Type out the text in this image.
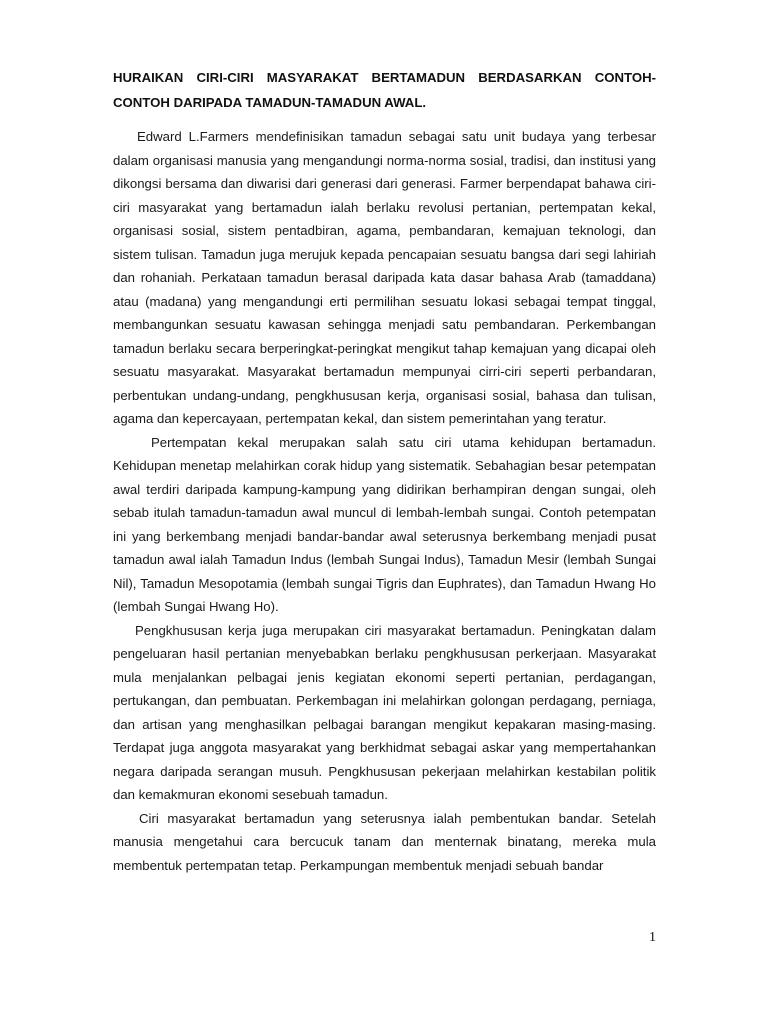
HURAIKAN CIRI-CIRI MASYARAKAT BERTAMADUN BERDASARKAN CONTOH-CONTOH DARIPADA TAMADUN-TAMADUN AWAL.

Edward L.Farmers mendefinisikan tamadun sebagai satu unit budaya yang terbesar dalam organisasi manusia yang mengandungi norma-norma sosial, tradisi, dan institusi yang dikongsi bersama dan diwarisi dari generasi dari generasi. Farmer berpendapat bahawa ciri-ciri masyarakat yang bertamadun ialah berlaku revolusi pertanian, pertempatan kekal, organisasi sosial, sistem pentadbiran, agama, pembandaran, kemajuan teknologi, dan sistem tulisan. Tamadun juga merujuk kepada pencapaian sesuatu bangsa dari segi lahiriah dan rohaniah. Perkataan tamadun berasal daripada kata dasar bahasa Arab (tamaddana) atau (madana) yang mengandungi erti permilihan sesuatu lokasi sebagai tempat tinggal, membangunkan sesuatu kawasan sehingga menjadi satu pembandaran. Perkembangan tamadun berlaku secara berperingkat-peringkat mengikut tahap kemajuan yang dicapai oleh sesuatu masyarakat. Masyarakat bertamadun mempunyai cirri-ciri seperti perbandaran, perbentukan undang-undang, pengkhususan kerja, organisasi sosial, bahasa dan tulisan, agama dan kepercayaan, pertempatan kekal, dan sistem pemerintahan yang teratur.

Pertempatan kekal merupakan salah satu ciri utama kehidupan bertamadun. Kehidupan menetap melahirkan corak hidup yang sistematik. Sebahagian besar petempatan awal terdiri daripada kampung-kampung yang didirikan berhampiran dengan sungai, oleh sebab itulah tamadun-tamadun awal muncul di lembah-lembah sungai. Contoh petempatan ini yang berkembang menjadi bandar-bandar awal seterusnya berkembang menjadi pusat tamadun awal ialah Tamadun Indus (lembah Sungai Indus), Tamadun Mesir (lembah Sungai Nil), Tamadun Mesopotamia (lembah sungai Tigris dan Euphrates), dan Tamadun Hwang Ho (lembah Sungai Hwang Ho).

Pengkhususan kerja juga merupakan ciri masyarakat bertamadun. Peningkatan dalam pengeluaran hasil pertanian menyebabkan berlaku pengkhususan perkerjaan. Masyarakat mula menjalankan pelbagai jenis kegiatan ekonomi seperti pertanian, perdagangan, pertukangan, dan pembuatan. Perkembagan ini melahirkan golongan perdagang, perniaga, dan artisan yang menghasilkan pelbagai barangan mengikut kepakaran masing-masing. Terdapat juga anggota masyarakat yang berkhidmat sebagai askar yang mempertahankan negara daripada serangan musuh. Pengkhususan pekerjaan melahirkan kestabilan politik dan kemakmuran ekonomi sesebuah tamadun.

Ciri masyarakat bertamadun yang seterusnya ialah pembentukan bandar. Setelah manusia mengetahui cara bercucuk tanam dan menternak binatang, mereka mula membentuk pertempatan tetap. Perkampungan membentuk menjadi sebuah bandar

1
